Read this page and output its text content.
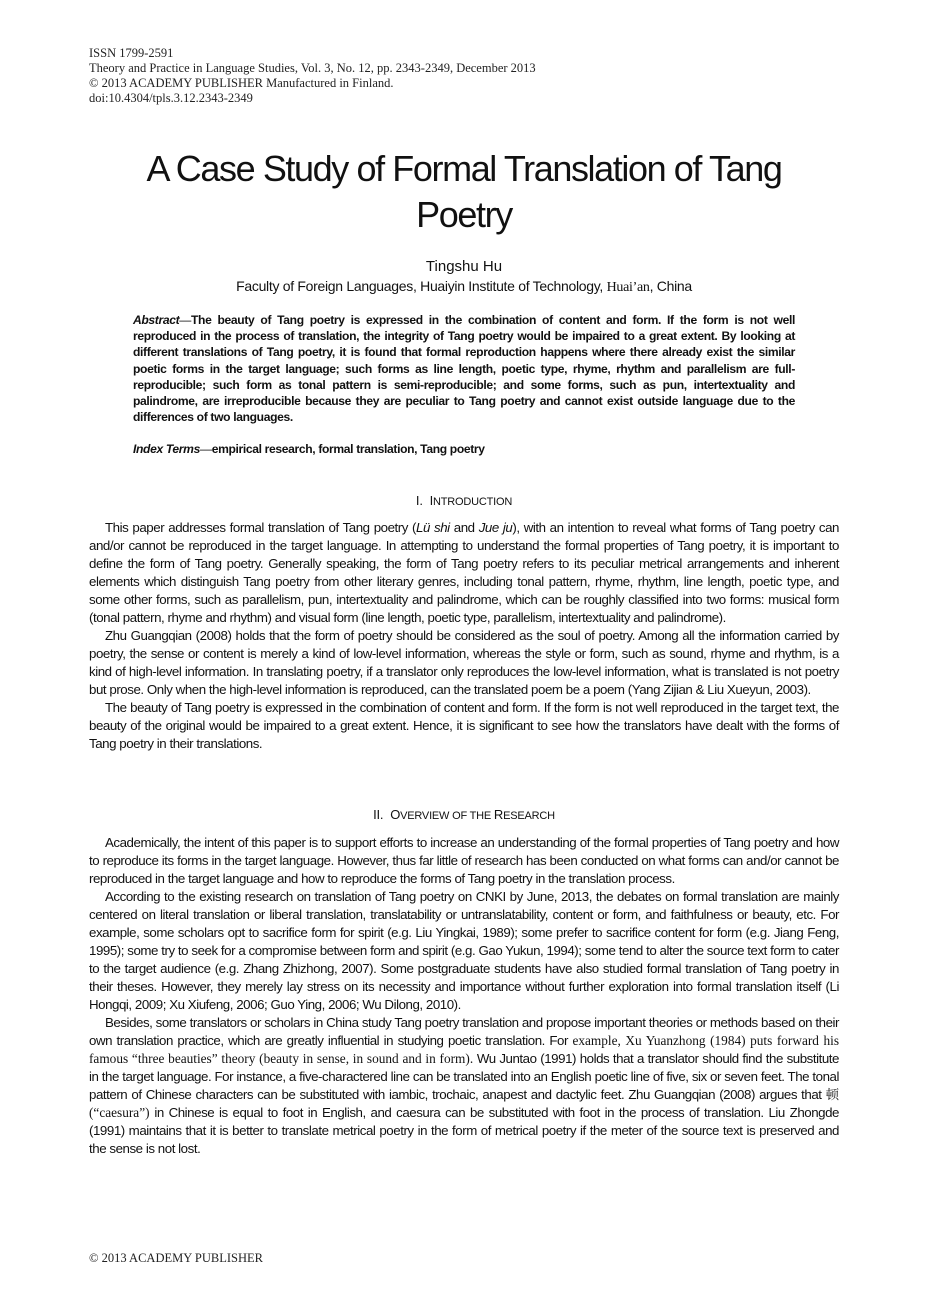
ISSN 1799-2591
Theory and Practice in Language Studies, Vol. 3, No. 12, pp. 2343-2349, December 2013
© 2013 ACADEMY PUBLISHER Manufactured in Finland.
doi:10.4304/tpls.3.12.2343-2349
A Case Study of Formal Translation of Tang
Poetry
Tingshu Hu
Faculty of Foreign Languages, Huaiyin Institute of Technology, Huai’an, China
Abstract—The beauty of Tang poetry is expressed in the combination of content and form. If the form is not well reproduced in the process of translation, the integrity of Tang poetry would be impaired to a great extent. By looking at different translations of Tang poetry, it is found that formal reproduction happens where there already exist the similar poetic forms in the target language; such forms as line length, poetic type, rhyme, rhythm and parallelism are full-reproducible; such form as tonal pattern is semi-reproducible; and some forms, such as pun, intertextuality and palindrome, are irreproducible because they are peculiar to Tang poetry and cannot exist outside language due to the differences of two languages.
Index Terms—empirical research, formal translation, Tang poetry
I. INTRODUCTION

This paper addresses formal translation of Tang poetry (Lü shi and Jue ju), with an intention to reveal what forms of Tang poetry can and/or cannot be reproduced in the target language. In attempting to understand the formal properties of Tang poetry, it is important to define the form of Tang poetry. Generally speaking, the form of Tang poetry refers to its peculiar metrical arrangements and inherent elements which distinguish Tang poetry from other literary genres, including tonal pattern, rhyme, rhythm, line length, poetic type, and some other forms, such as parallelism, pun, intertextuality and palindrome, which can be roughly classified into two forms: musical form (tonal pattern, rhyme and rhythm) and visual form (line length, poetic type, parallelism, intertextuality and palindrome).

Zhu Guangqian (2008) holds that the form of poetry should be considered as the soul of poetry. Among all the information carried by poetry, the sense or content is merely a kind of low-level information, whereas the style or form, such as sound, rhyme and rhythm, is a kind of high-level information. In translating poetry, if a translator only reproduces the low-level information, what is translated is not poetry but prose. Only when the high-level information is reproduced, can the translated poem be a poem (Yang Zijian & Liu Xueyun, 2003).

The beauty of Tang poetry is expressed in the combination of content and form. If the form is not well reproduced in the target text, the beauty of the original would be impaired to a great extent. Hence, it is significant to see how the translators have dealt with the forms of Tang poetry in their translations.

II. OVERVIEW OF THE RESEARCH

Academically, the intent of this paper is to support efforts to increase an understanding of the formal properties of Tang poetry and how to reproduce its forms in the target language. However, thus far little of research has been conducted on what forms can and/or cannot be reproduced in the target language and how to reproduce the forms of Tang poetry in the translation process.

According to the existing research on translation of Tang poetry on CNKI by June, 2013, the debates on formal translation are mainly centered on literal translation or liberal translation, translatability or untranslatability, content or form, and faithfulness or beauty, etc. For example, some scholars opt to sacrifice form for spirit (e.g. Liu Yingkai, 1989); some prefer to sacrifice content for form (e.g. Jiang Feng, 1995); some try to seek for a compromise between form and spirit (e.g. Gao Yukun, 1994); some tend to alter the source text form to cater to the target audience (e.g. Zhang Zhizhong, 2007). Some postgraduate students have also studied formal translation of Tang poetry in their theses. However, they merely lay stress on its necessity and importance without further exploration into formal translation itself (Li Hongqi, 2009; Xu Xiufeng, 2006; Guo Ying, 2006; Wu Dilong, 2010).

Besides, some translators or scholars in China study Tang poetry translation and propose important theories or methods based on their own translation practice, which are greatly influential in studying poetic translation. For example, Xu Yuanzhong (1984) puts forward his famous “three beauties” theory (beauty in sense, in sound and in form). Wu Juntao (1991) holds that a translator should find the substitute in the target language. For instance, a five-charactered line can be translated into an English poetic line of five, six or seven feet. The tonal pattern of Chinese characters can be substituted with iambic, trochaic, anapest and dactylic feet. Zhu Guangqian (2008) argues that 顿 (“caesura”) in Chinese is equal to foot in English, and caesura can be substituted with foot in the process of translation. Liu Zhongde (1991) maintains that it is better to translate metrical poetry in the form of metrical poetry if the meter of the source text is preserved and the sense is not lost.

© 2013 ACADEMY PUBLISHER
